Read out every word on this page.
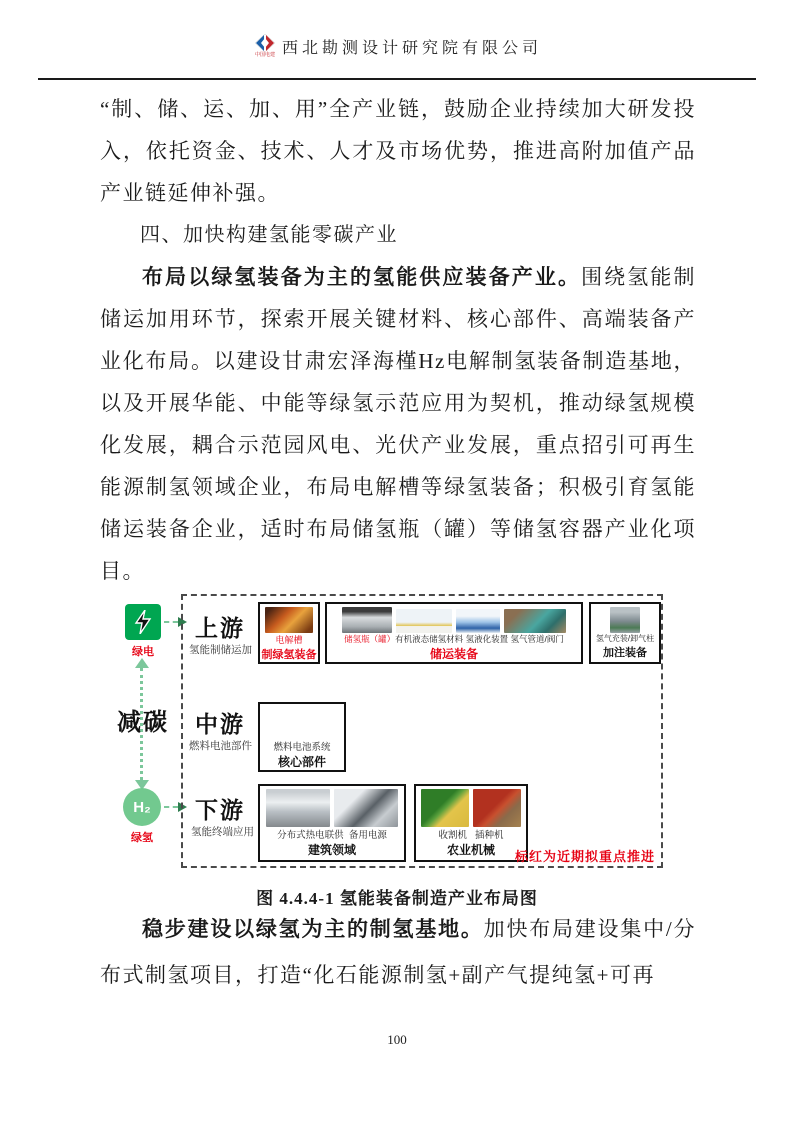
中国电建 西北勘测设计研究院有限公司

“制、储、运、加、用”全产业链，鼓励企业持续加大研发投入，依托资金、技术、人才及市场优势，推进高附加值产品产业链延伸补强。

四、加快构建氢能零碳产业

布局以绿氢装备为主的氢能供应装备产业。围绕氢能制储运加用环节，探索开展关键材料、核心部件、高端装备产业化布局。以建设甘肃宏泽海槿Hz电解制氢装备制造基地，以及开展华能、中能等绿氢示范应用为契机，推动绿氢规模化发展，耦合示范园风电、光伏产业发展，重点招引可再生能源制氢领域企业，布局电解槽等绿氢装备；积极引育氢能储运装备企业，适时布局储氢瓶（罐）等储氢容器产业化项目。

绿电
减碳
H₂
绿氢
上游
氢能制储运加
电解槽
制绿氢装备
储氢瓶（罐）有机液态储氢材料 氢液化装置 氢气管道/阀门
储运装备
氢气充装/卸气柱
加注装备
中游
燃料电池部件 燃料电池系统
核心部件
下游
氢能终端应用 分布式热电联供 备用电源
建筑领域
收割机 插种机
农业机械	标红为近期拟重点推进
图 4.4.4-1 氢能装备制造产业布局图

稳步建设以绿氢为主的制氢基地。加快布局建设集中/分布式制氢项目，打造“化石能源制氢+副产气提纯氢+可再

100
